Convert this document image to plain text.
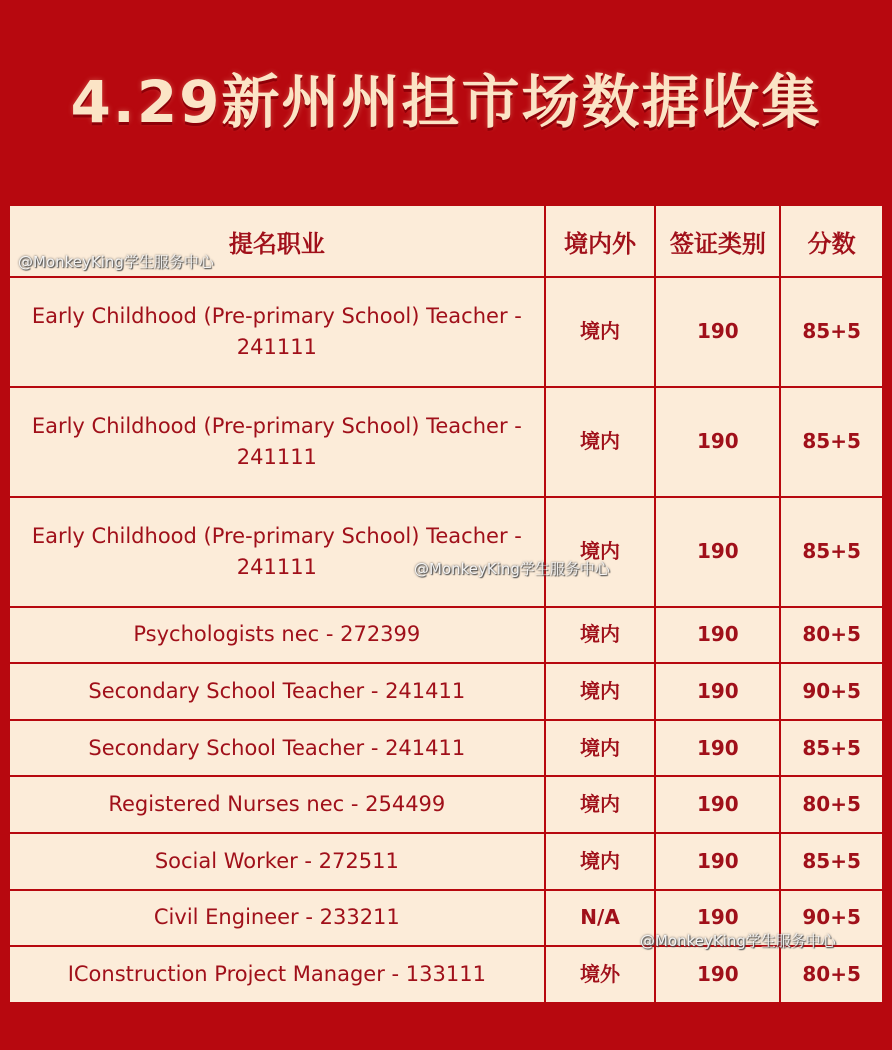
4.29新州州担市场数据收集
提名职业	境内外	签证类别	分数
Early Childhood (Pre-primary School) Teacher - 241111	境内	190	85+5
Early Childhood (Pre-primary School) Teacher - 241111	境内	190	85+5
Early Childhood (Pre-primary School) Teacher - 241111	境内	190	85+5
Psychologists nec - 272399	境内	190	80+5
Secondary School Teacher - 241411	境内	190	90+5
Secondary School Teacher - 241411	境内	190	85+5
Registered Nurses nec - 254499	境内	190	80+5
Social Worker - 272511	境内	190	85+5
Civil Engineer - 233211	N/A	190	90+5
IConstruction Project Manager - 133111	境外	190	80+5
@MonkeyKing学生服务中心
@MonkeyKing学生服务中心
@MonkeyKing学生服务中心
